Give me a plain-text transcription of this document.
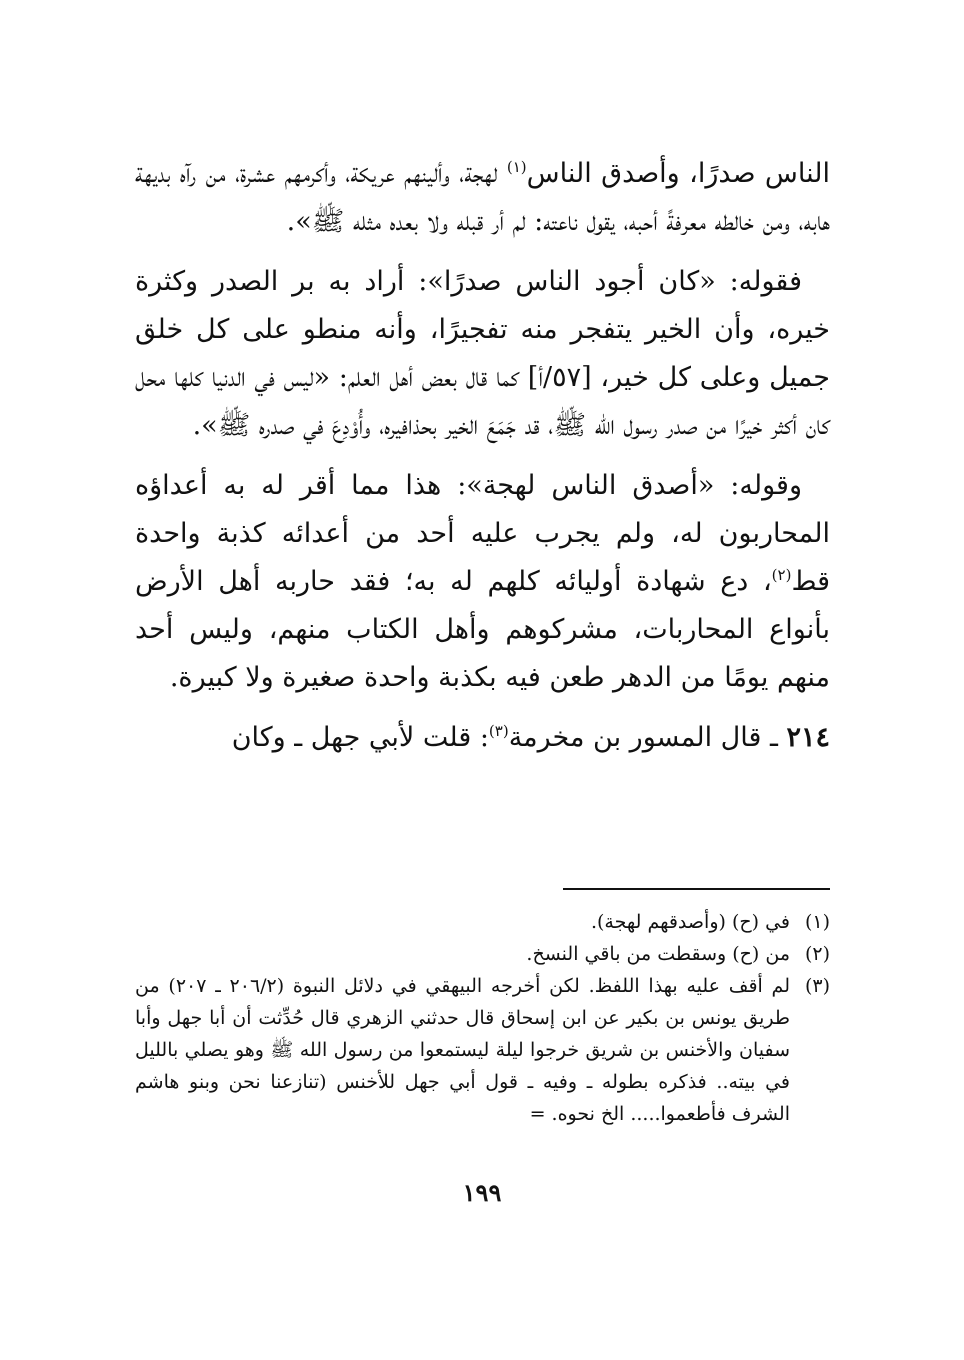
الناس صدرًا، وأصدق الناس$^{(١)}$ لهجة، وألينهم عريكة، وأكرمهم عشرة، من رآه بديهة هابه، ومن خالطه معرفةً أحبه، يقول ناعته: لم أر قبله ولا بعده مثله ﷺ».

فقوله: «كان أجود الناس صدرًا»: أراد به بر الصدر وكثرة خيره، وأن الخير يتفجر منه تفجيرًا، وأنه منطو على كل خلق جميل وعلى كل خير، [٥٧/أ] كما قال بعض أهل العلم: «ليس في الدنيا كلها محل كان أكثر خيرًا من صدر رسول الله ﷺ، قد جَمَعَ الخير بحذافيره، وأُوْدِعَ في صدره ﷺ».

وقوله: «أصدق الناس لهجة»: هذا مما أقر له به أعداؤه المحاربون له، ولم يجرب عليه أحد من أعدائه كذبة واحدة قط$^{(٢)}$، دع شهادة أوليائه كلهم له به؛ فقد حاربه أهل الأرض بأنواع المحاربات، مشركوهم وأهل الكتاب منهم، وليس أحد منهم يومًا من الدهر طعن فيه بكذبة واحدة صغيرة ولا كبيرة.

٢١٤ ـ قال المسور بن مخرمة$^{(٣)}$: قلت لأبي جهل ـ وكان

(١)
في (ح) (وأصدقهم لهجة).
(٢)
من (ح) وسقطت من باقي النسخ.
(٣)
لم أقف عليه بهذا اللفظ. لكن أخرجه البيهقي في دلائل النبوة (٢٠٦/٢ ـ ٢٠٧) من طريق يونس بن بكير عن ابن إسحاق قال حدثني الزهري قال حُدِّثت أن أبا جهل وأبا سفيان والأخنس بن شريق خرجوا ليلة ليستمعوا من رسول الله ﷺ وهو يصلي بالليل في بيته.. فذكره بطوله ـ وفيه ـ قول أبي جهل للأخنس (تنازعنا نحن وبنو هاشم الشرف فأطعموا..... الخ نحوه. =
١٩٩
